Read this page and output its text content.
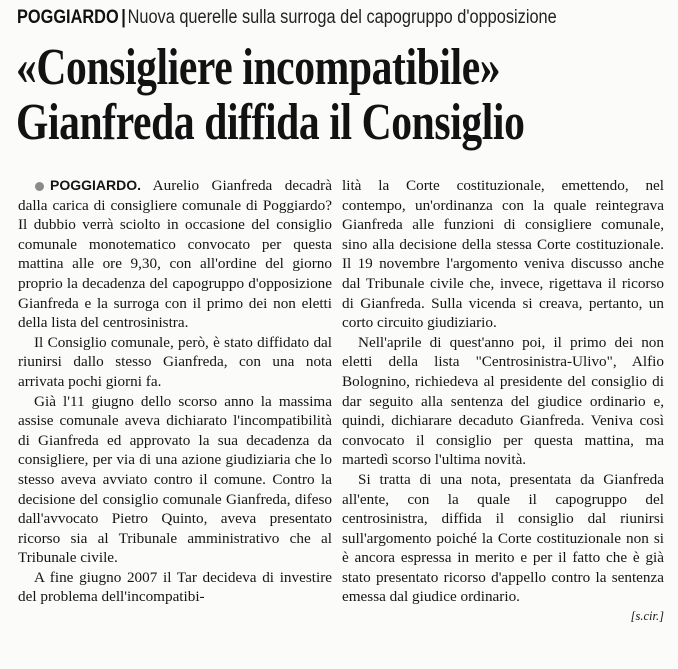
POGGIARDO |Nuova querelle sulla surroga del capogruppo d'opposizione
«Consigliere incompatibile»
Gianfreda diffida il Consiglio

POGGIARDO. Aurelio Gianfreda decadrà dalla carica di consigliere comunale di Poggiardo? Il dubbio verrà sciolto in occasione del consiglio comunale monotematico convocato per questa mattina alle ore 9,30, con all'ordine del giorno proprio la decadenza del capogruppo d'opposizione Gianfreda e la surroga con il primo dei non eletti della lista del centrosinistra.

Il Consiglio comunale, però, è stato diffidato dal riunirsi dallo stesso Gianfreda, con una nota arrivata pochi giorni fa.

Già l'11 giugno dello scorso anno la massima assise comunale aveva dichiarato l'incompatibilità di Gianfreda ed approvato la sua decadenza da consigliere, per via di una azione giudiziaria che lo stesso aveva avviato contro il comune. Contro la decisione del consiglio comunale Gianfreda, difeso dall'avvocato Pietro Quinto, aveva presentato ricorso sia al Tribunale amministrativo che al Tribunale civile.

A fine giugno 2007 il Tar decideva di investire del problema dell'incompatibi-

lità la Corte costituzionale, emettendo, nel contempo, un'ordinanza con la quale reintegrava Gianfreda alle funzioni di consigliere comunale, sino alla decisione della stessa Corte costituzionale. Il 19 novembre l'argomento veniva discusso anche dal Tribunale civile che, invece, rigettava il ricorso di Gianfreda. Sulla vicenda si creava, pertanto, un corto circuito giudiziario.

Nell'aprile di quest'anno poi, il primo dei non eletti della lista "Centrosinistra-Ulivo", Alfio Bolognino, richiedeva al presidente del consiglio di dar seguito alla sentenza del giudice ordinario e, quindi, dichiarare decaduto Gianfreda. Veniva così convocato il consiglio per questa mattina, ma martedì scorso l'ultima novità.

Si tratta di una nota, presentata da Gianfreda all'ente, con la quale il capogruppo del centrosinistra, diffida il consiglio dal riunirsi sull'argomento poiché la Corte costituzionale non si è ancora espressa in merito e per il fatto che è già stato presentato ricorso d'appello contro la sentenza emessa dal giudice ordinario.

[s.cir.]
